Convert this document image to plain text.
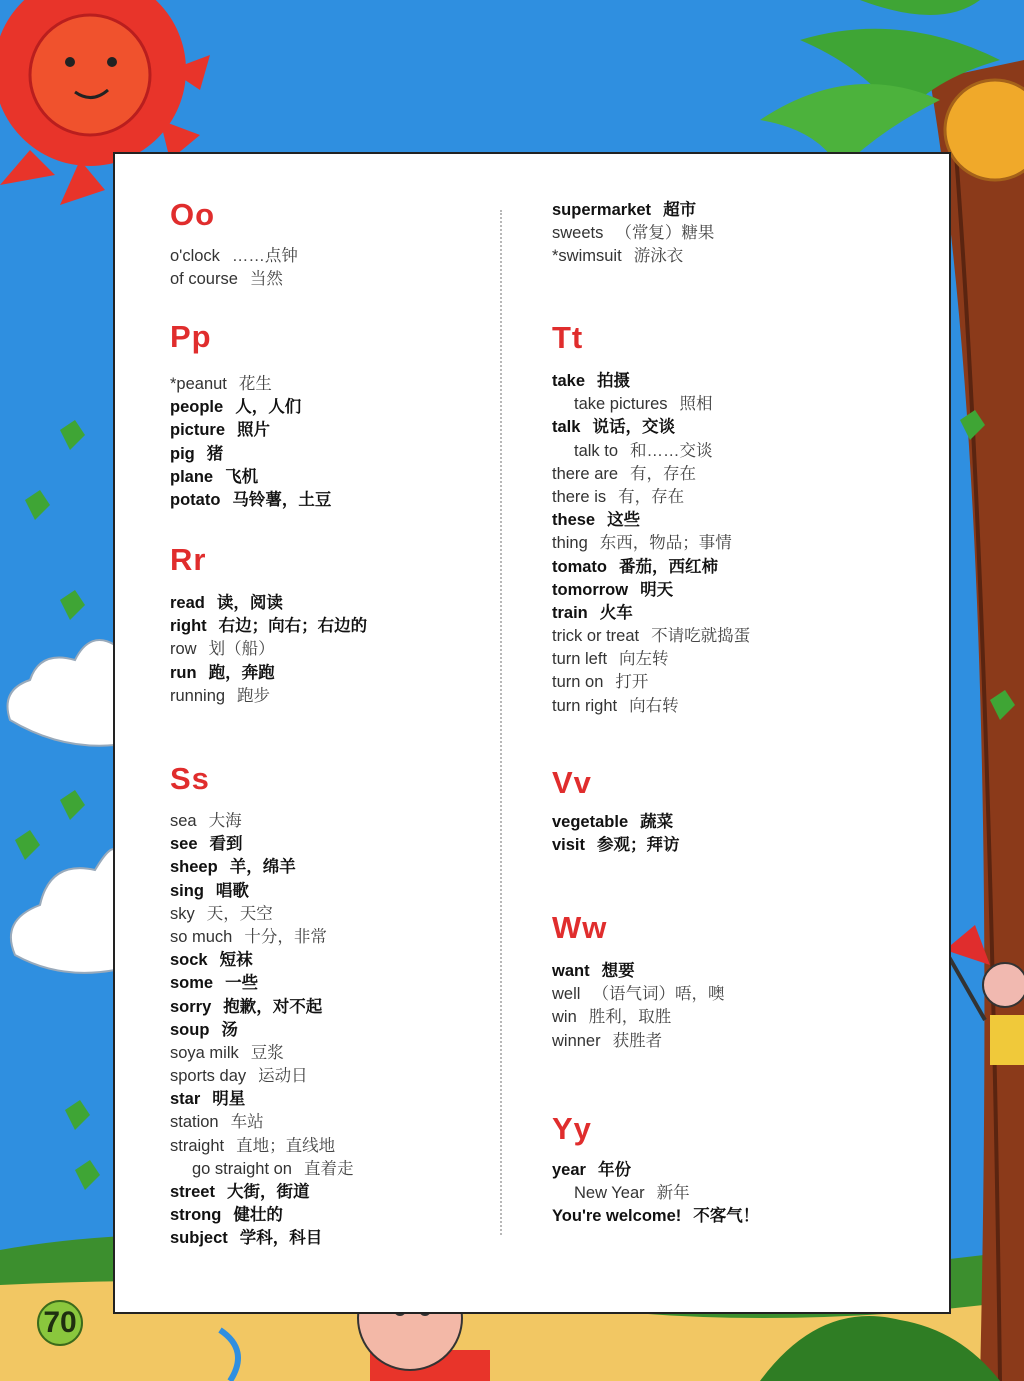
70
Oo
o'clock ……点钟
of course 当然
Pp
*peanut 花生
people 人，人们
picture 照片
pig 猪
plane 飞机
potato 马铃薯，土豆
Rr
read 读，阅读
right 右边；向右；右边的
row 划（船）
run 跑，奔跑
running 跑步
Ss
sea 大海
see 看到
sheep 羊，绵羊
sing 唱歌
sky 天，天空
so much 十分，非常
sock 短袜
some 一些
sorry 抱歉，对不起
soup 汤
soya milk 豆浆
sports day 运动日
star 明星
station 车站
straight 直地；直线地
go straight on 直着走
street 大街，街道
strong 健壮的
subject 学科，科目
supermarket 超市
sweets （常复）糖果
*swimsuit 游泳衣
Tt
take 拍摄
take pictures 照相
talk 说话，交谈
talk to 和……交谈
there are 有，存在
there is 有，存在
these 这些
thing 东西，物品；事情
tomato 番茄，西红柿
tomorrow 明天
train 火车
trick or treat 不请吃就捣蛋
turn left 向左转
turn on 打开
turn right 向右转
Vv
vegetable 蔬菜
visit 参观；拜访
Ww
want 想要
well （语气词）唔，噢
win 胜利，取胜
winner 获胜者
Yy
year 年份
New Year 新年
You're welcome! 不客气！
